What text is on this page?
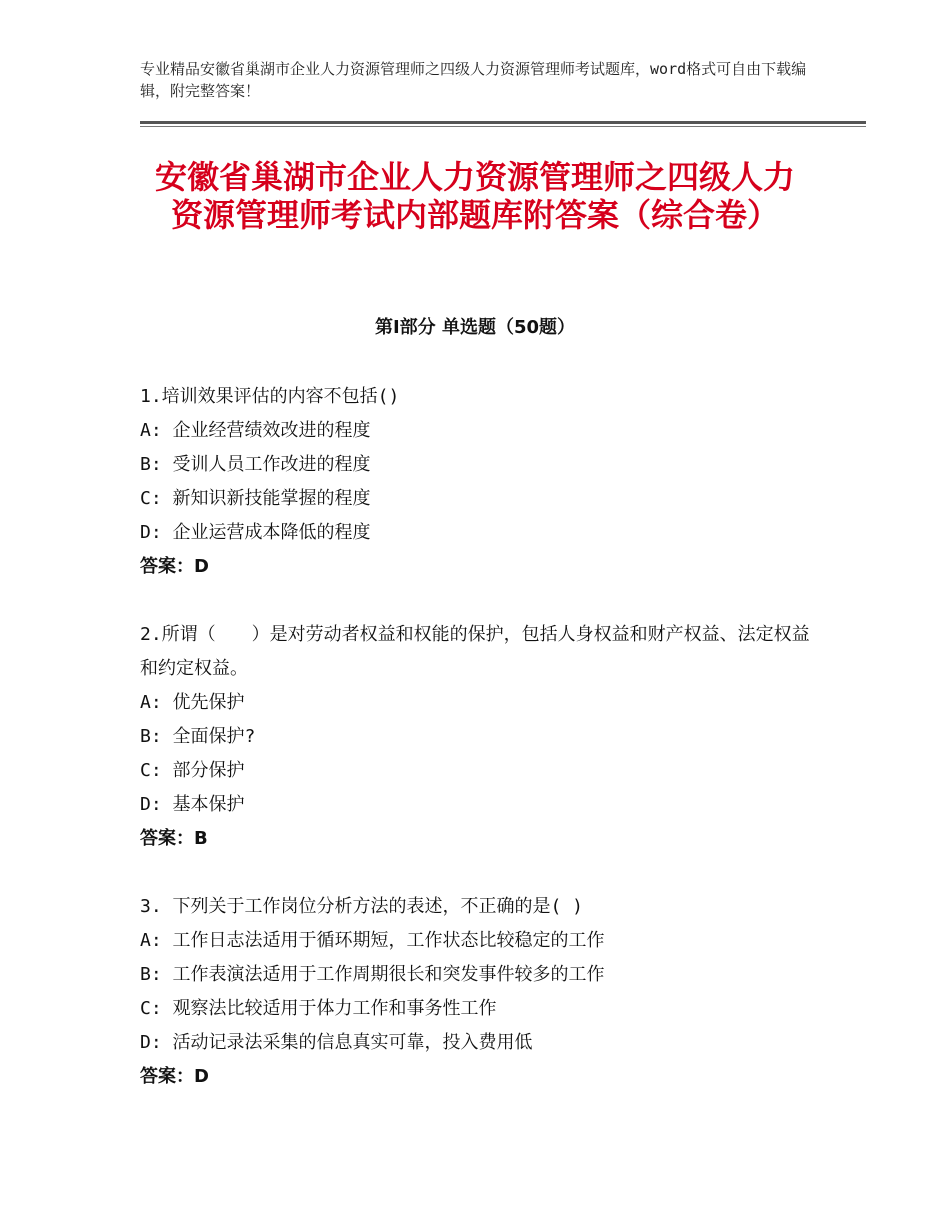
专业精品安徽省巢湖市企业人力资源管理师之四级人力资源管理师考试题库，word格式可自由下载编辑，附完整答案！
安徽省巢湖市企业人力资源管理师之四级人力资源管理师考试内部题库附答案（综合卷）
第Ⅰ部分 单选题（50题）
1.培训效果评估的内容不包括()
A: 企业经营绩效改进的程度
B: 受训人员工作改进的程度
C: 新知识新技能掌握的程度
D: 企业运营成本降低的程度
答案：D
2.所谓（　　）是对劳动者权益和权能的保护，包括人身权益和财产权益、法定权益和约定权益。
A: 优先保护
B: 全面保护?
C: 部分保护
D: 基本保护
答案：B
3. 下列关于工作岗位分析方法的表述，不正确的是( )
A: 工作日志法适用于循环期短，工作状态比较稳定的工作
B: 工作表演法适用于工作周期很长和突发事件较多的工作
C: 观察法比较适用于体力工作和事务性工作
D: 活动记录法采集的信息真实可靠，投入费用低
答案：D
